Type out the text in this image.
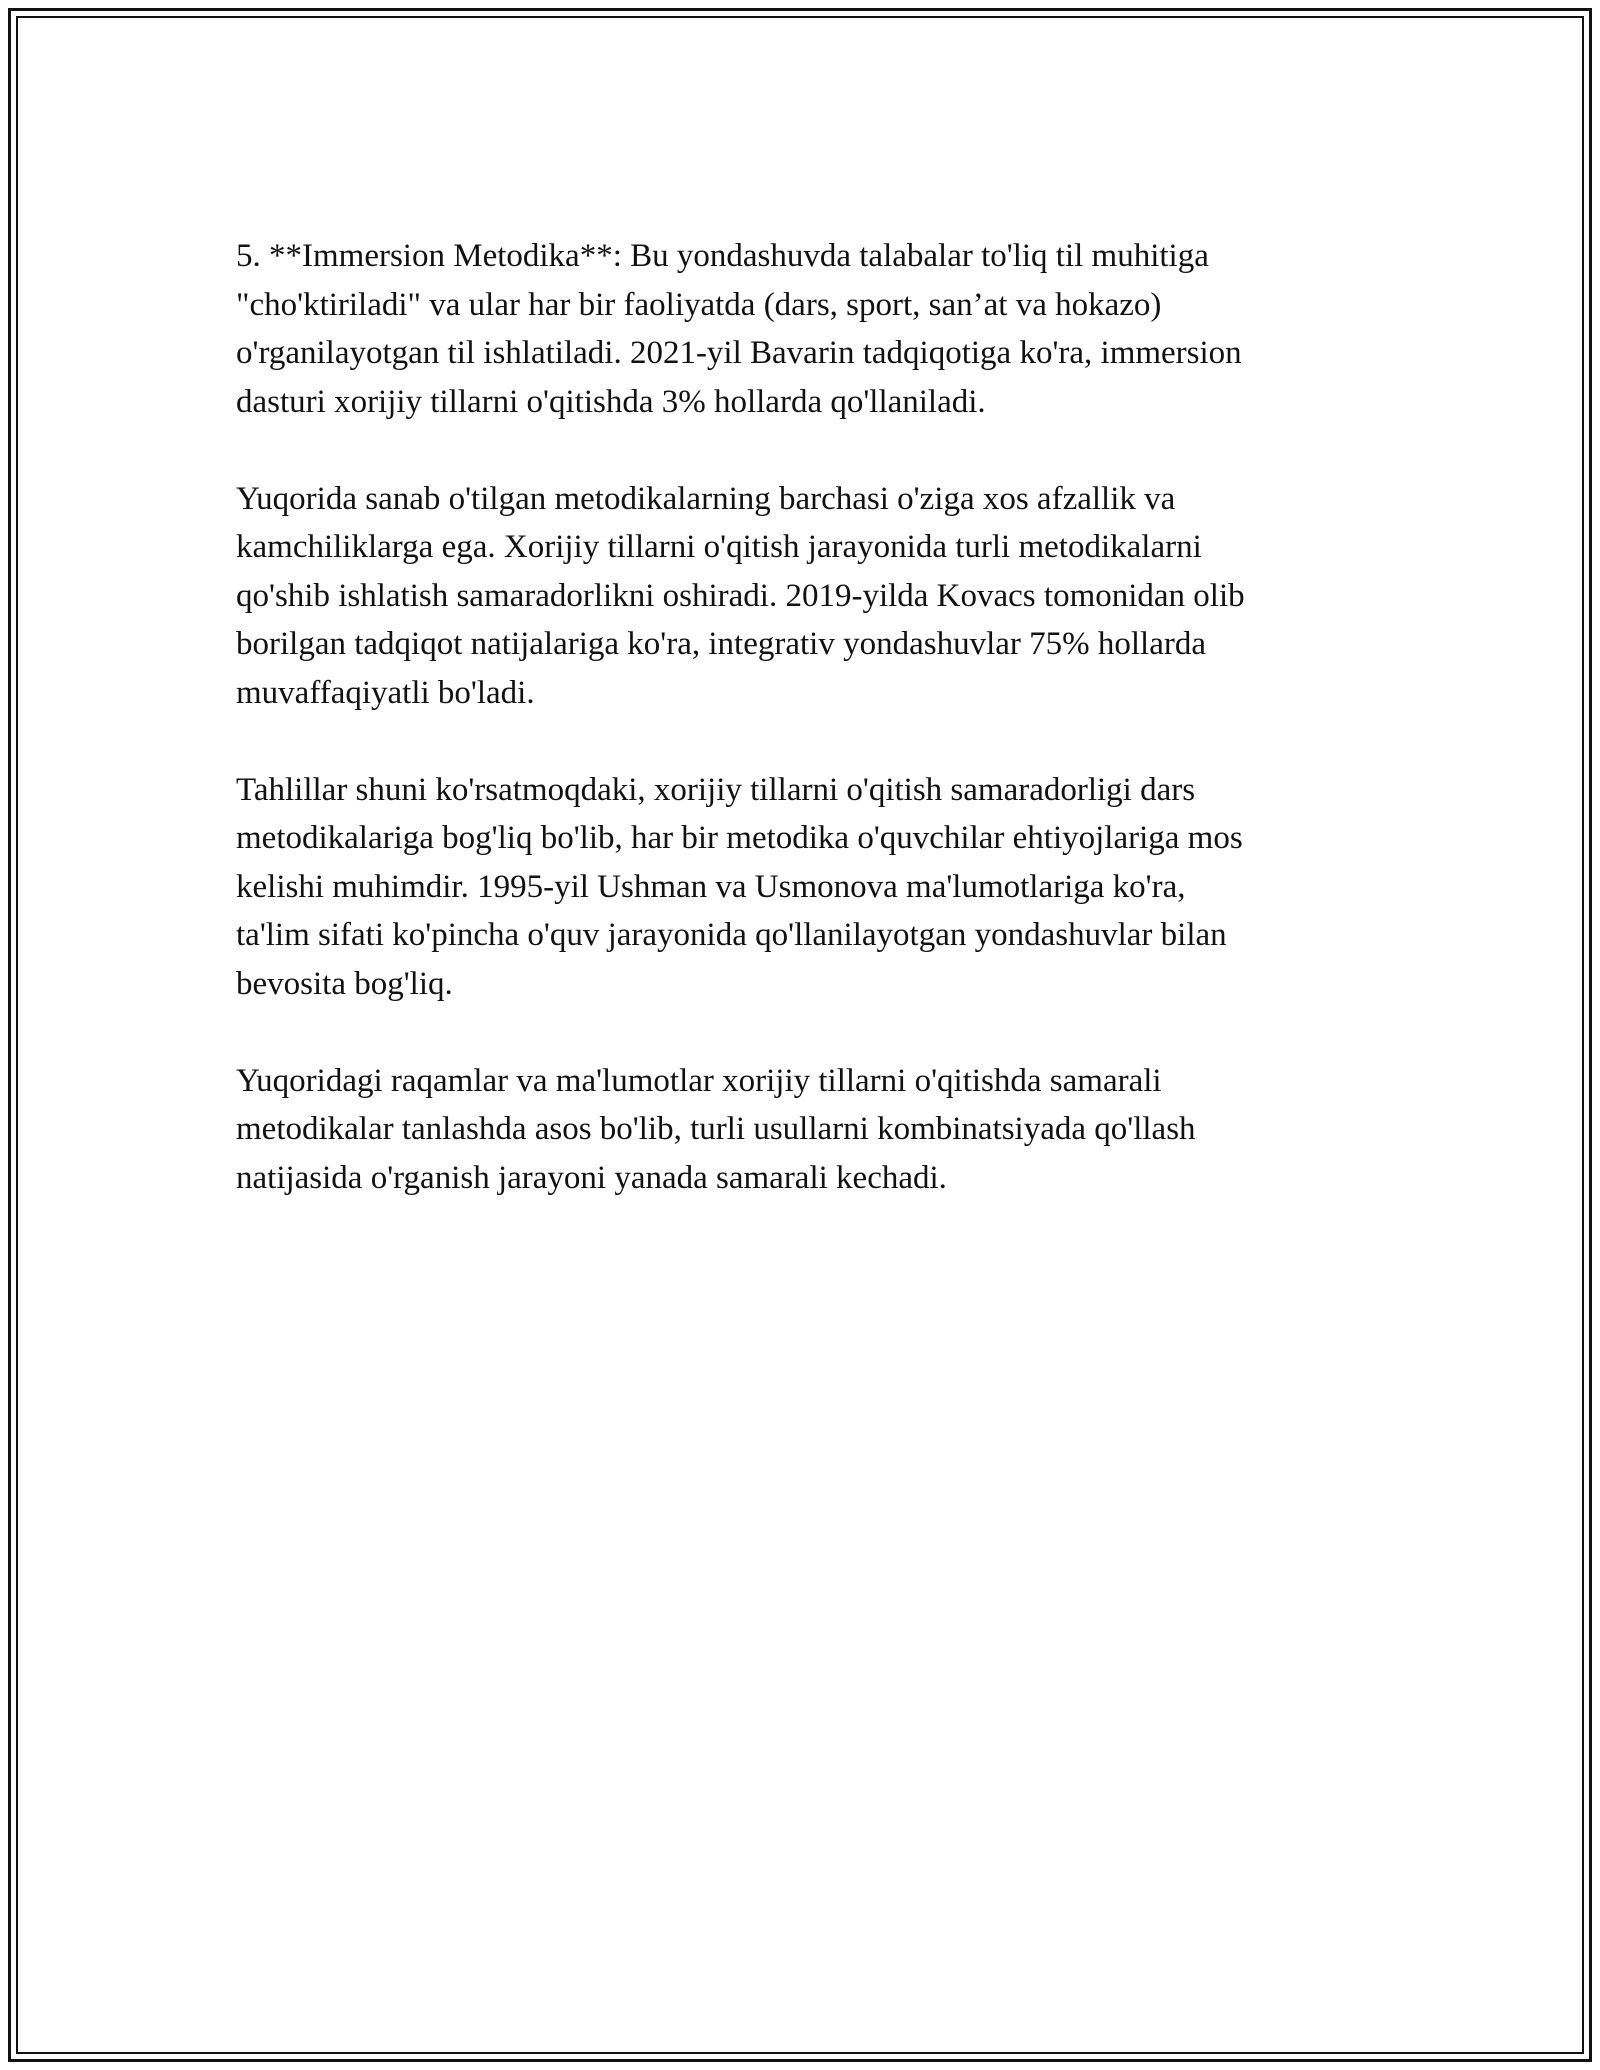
5. **Immersion Metodika**: Bu yondashuvda talabalar to'liq til muhitiga
"cho'ktiriladi" va ular har bir faoliyatda (dars, sport, san’at va hokazo)
o'rganilayotgan til ishlatiladi. 2021-yil Bavarin tadqiqotiga ko'ra, immersion
dasturi xorijiy tillarni o'qitishda 3% hollarda qo'llaniladi.

Yuqorida sanab o'tilgan metodikalarning barchasi o'ziga xos afzallik va
kamchiliklarga ega. Xorijiy tillarni o'qitish jarayonida turli metodikalarni
qo'shib ishlatish samaradorlikni oshiradi. 2019-yilda Kovacs tomonidan olib
borilgan tadqiqot natijalariga ko'ra, integrativ yondashuvlar 75% hollarda
muvaffaqiyatli bo'ladi.

Tahlillar shuni ko'rsatmoqdaki, xorijiy tillarni o'qitish samaradorligi dars
metodikalariga bog'liq bo'lib, har bir metodika o'quvchilar ehtiyojlariga mos
kelishi muhimdir. 1995-yil Ushman va Usmonova ma'lumotlariga ko'ra,
ta'lim sifati ko'pincha o'quv jarayonida qo'llanilayotgan yondashuvlar bilan
bevosita bog'liq.

Yuqoridagi raqamlar va ma'lumotlar xorijiy tillarni o'qitishda samarali
metodikalar tanlashda asos bo'lib, turli usullarni kombinatsiyada qo'llash
natijasida o'rganish jarayoni yanada samarali kechadi.
